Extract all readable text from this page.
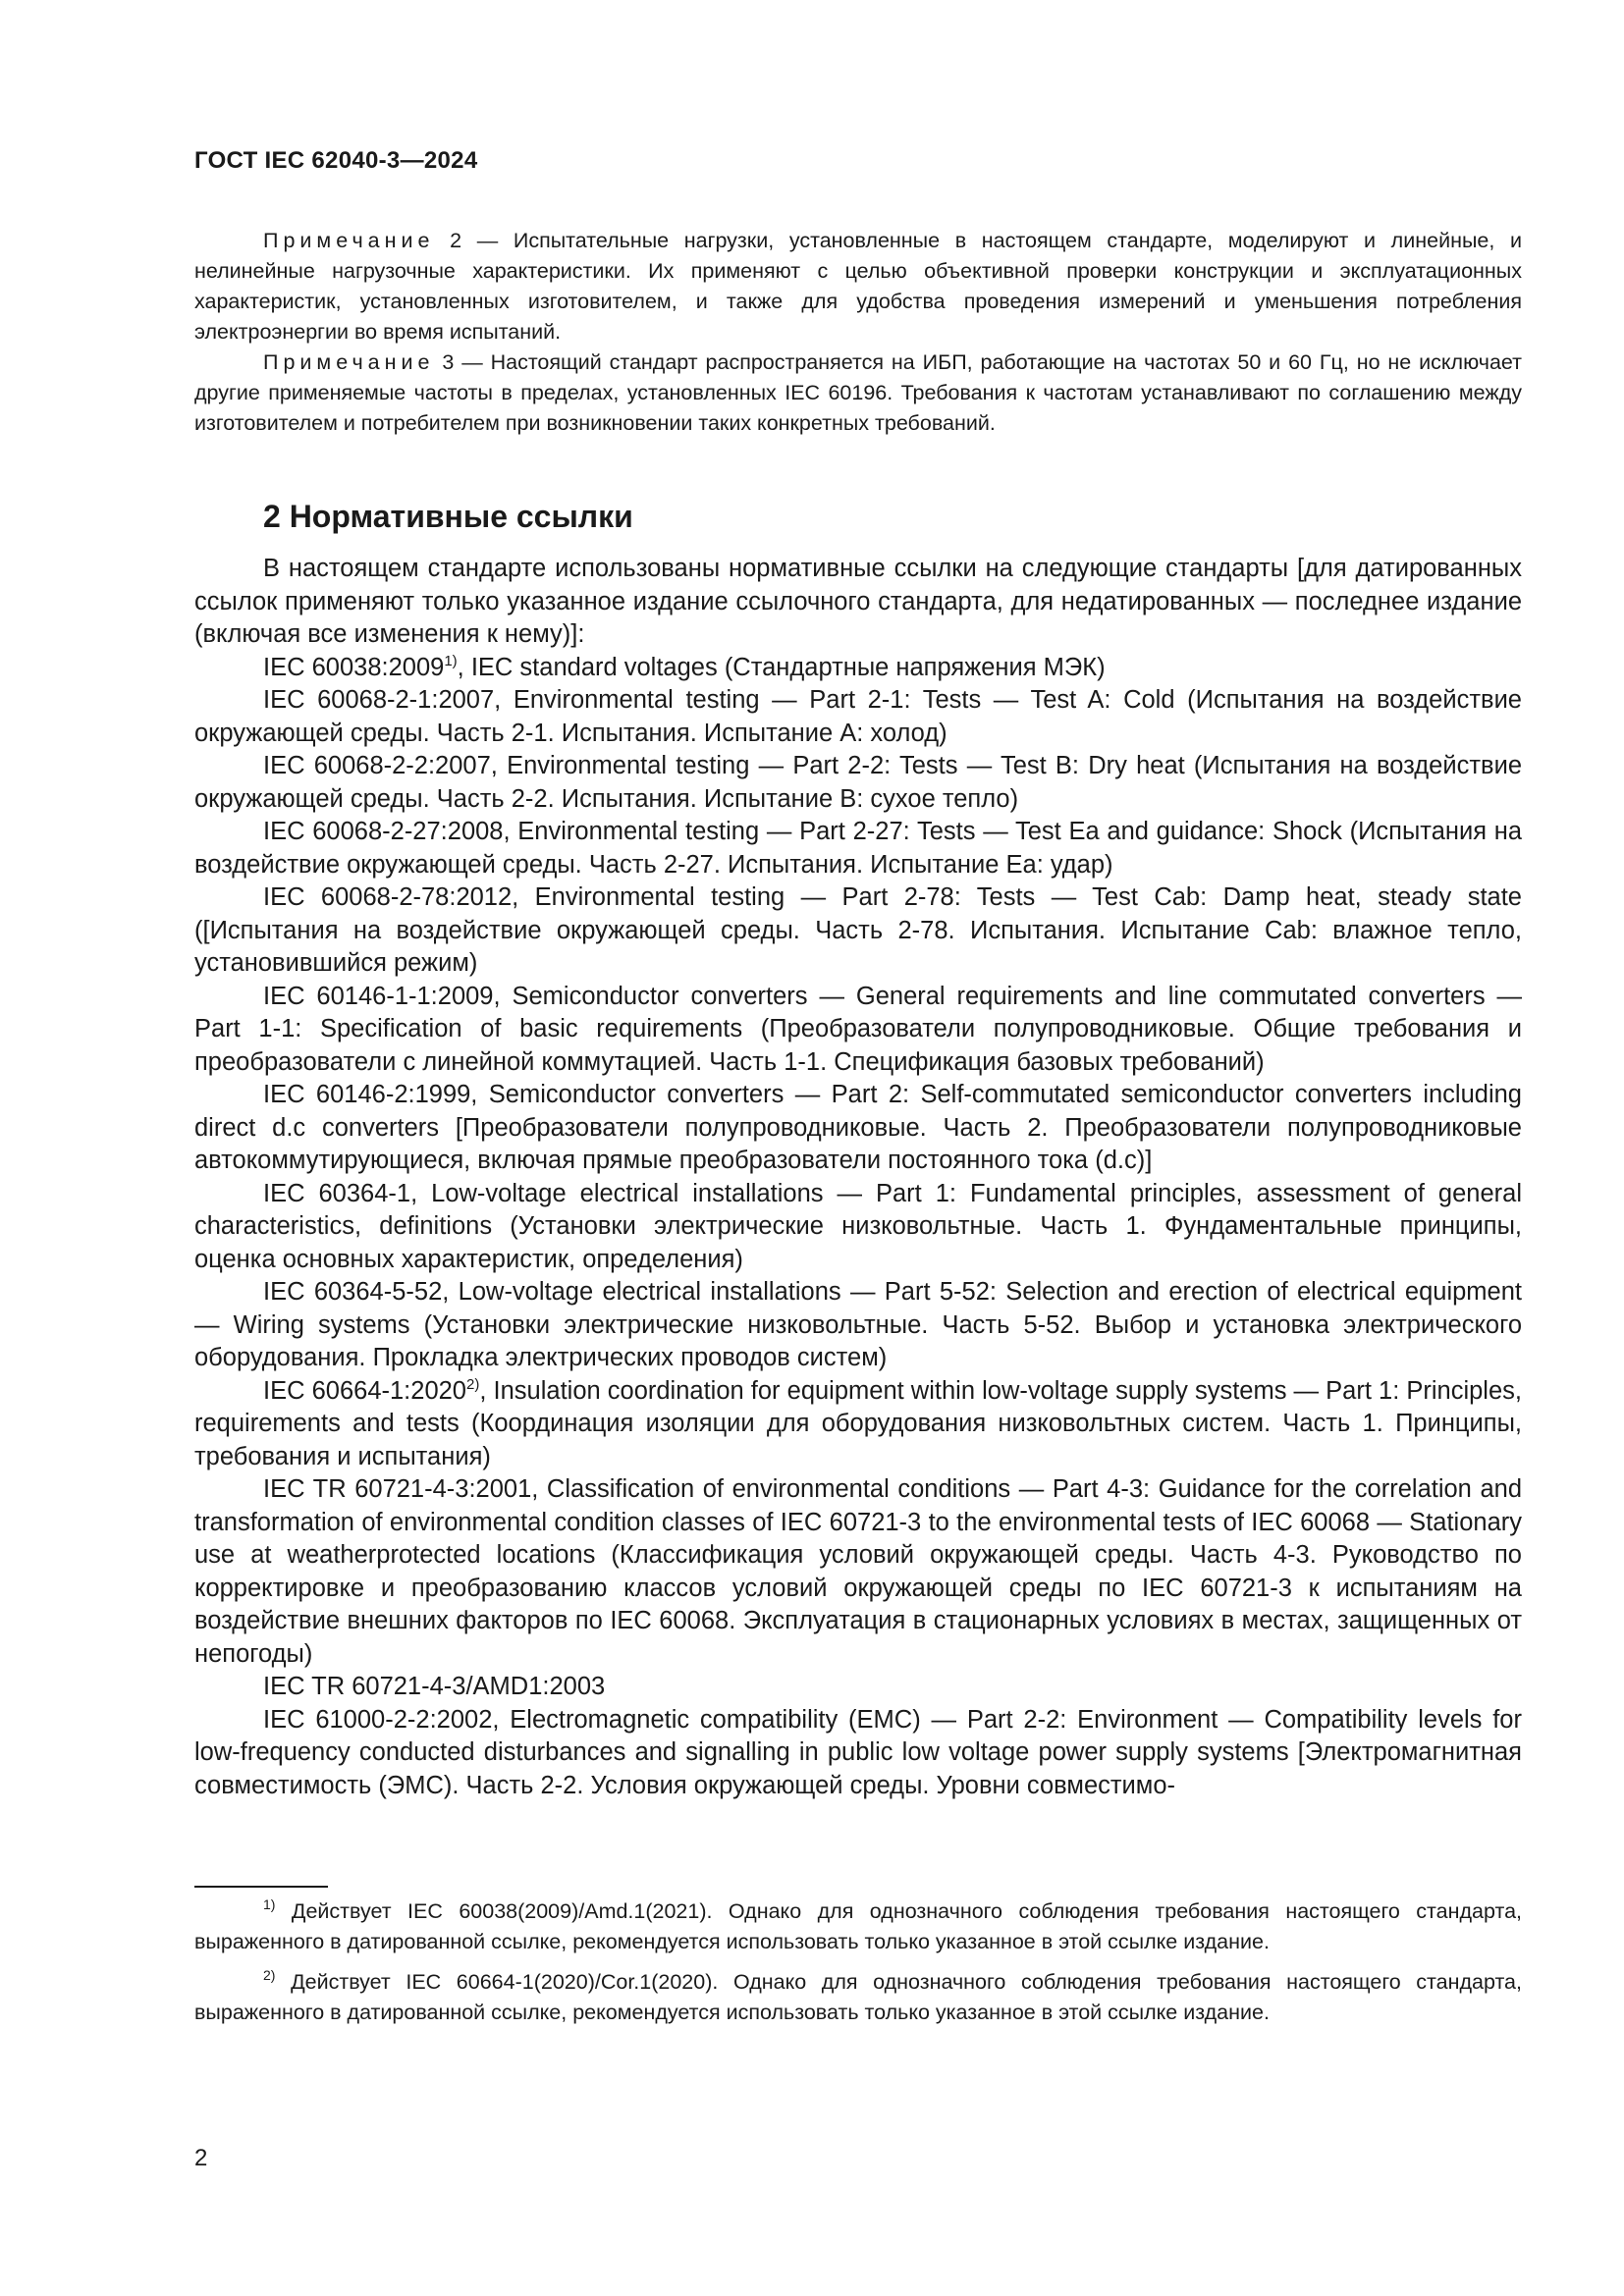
ГОСТ IEC 62040-3—2024

Примечание 2 — Испытательные нагрузки, установленные в настоящем стандарте, моделируют и линейные, и нелинейные нагрузочные характеристики. Их применяют с целью объективной проверки конструкции и эксплуатационных характеристик, установленных изготовителем, и также для удобства проведения измерений и уменьшения потребления электроэнергии во время испытаний.

Примечание 3 — Настоящий стандарт распространяется на ИБП, работающие на частотах 50 и 60 Гц, но не исключает другие применяемые частоты в пределах, установленных IEC 60196. Требования к частотам устанавливают по соглашению между изготовителем и потребителем при возникновении таких конкретных требований.

2 Нормативные ссылки

В настоящем стандарте использованы нормативные ссылки на следующие стандарты [для датированных ссылок применяют только указанное издание ссылочного стандарта, для недатированных — последнее издание (включая все изменения к нему)]:

IEC 60038:2009$^{1)}$, IEC standard voltages (Стандартные напряжения МЭК)

IEC 60068-2-1:2007, Environmental testing — Part 2-1: Tests — Test A: Cold (Испытания на воздействие окружающей среды. Часть 2-1. Испытания. Испытание А: холод)

IEC 60068-2-2:2007, Environmental testing — Part 2-2: Tests — Test B: Dry heat (Испытания на воздействие окружающей среды. Часть 2-2. Испытания. Испытание В: сухое тепло)

IEC 60068-2-27:2008, Environmental testing — Part 2-27: Tests — Test Ea and guidance: Shock (Испытания на воздействие окружающей среды. Часть 2-27. Испытания. Испытание Еа: удар)

IEC 60068-2-78:2012, Environmental testing — Part 2-78: Tests — Test Cab: Damp heat, steady state ([Испытания на воздействие окружающей среды. Часть 2-78. Испытания. Испытание Cab: влажное тепло, установившийся режим)

IEC 60146-1-1:2009, Semiconductor converters — General requirements and line commutated converters — Part 1-1: Specification of basic requirements (Преобразователи полупроводниковые. Общие требования и преобразователи с линейной коммутацией. Часть 1-1. Спецификация базовых требований)

IEC 60146-2:1999, Semiconductor converters — Part 2: Self-commutated semiconductor converters including direct d.c converters [Преобразователи полупроводниковые. Часть 2. Преобразователи полупроводниковые автокоммутирующиеся, включая прямые преобразователи постоянного тока (d.c)]

IEC 60364-1, Low-voltage electrical installations — Part 1: Fundamental principles, assessment of general characteristics, definitions (Установки электрические низковольтные. Часть 1. Фундаментальные принципы, оценка основных характеристик, определения)

IEC 60364-5-52, Low-voltage electrical installations — Part 5-52: Selection and erection of electrical equipment — Wiring systems (Установки электрические низковольтные. Часть 5-52. Выбор и установка электрического оборудования. Прокладка электрических проводов систем)

IEC 60664-1:2020$^{2)}$, Insulation coordination for equipment within low-voltage supply systems — Part 1: Principles, requirements and tests (Координация изоляции для оборудования низковольтных систем. Часть 1. Принципы, требования и испытания)

IEC TR 60721-4-3:2001, Classification of environmental conditions — Part 4-3: Guidance for the correlation and transformation of environmental condition classes of IEC 60721-3 to the environmental tests of IEC 60068 — Stationary use at weatherprotected locations (Классификация условий окружающей среды. Часть 4-3. Руководство по корректировке и преобразованию классов условий окружающей среды по IEC 60721-3 к испытаниям на воздействие внешних факторов по IEC 60068. Эксплуатация в стационарных условиях в местах, защищенных от непогоды)

IEC TR 60721-4-3/AMD1:2003

IEC 61000-2-2:2002, Electromagnetic compatibility (EMC) — Part 2-2: Environment — Compatibility levels for low-frequency conducted disturbances and signalling in public low voltage power supply systems [Электромагнитная совместимость (ЭМС). Часть 2-2. Условия окружающей среды. Уровни совместимо-

$^{1)}$ Действует IEC 60038(2009)/Amd.1(2021). Однако для однозначного соблюдения требования настоящего стандарта, выраженного в датированной ссылке, рекомендуется использовать только указанное в этой ссылке издание.

$^{2)}$ Действует IEC 60664-1(2020)/Cor.1(2020). Однако для однозначного соблюдения требования настоящего стандарта, выраженного в датированной ссылке, рекомендуется использовать только указанное в этой ссылке издание.

2
